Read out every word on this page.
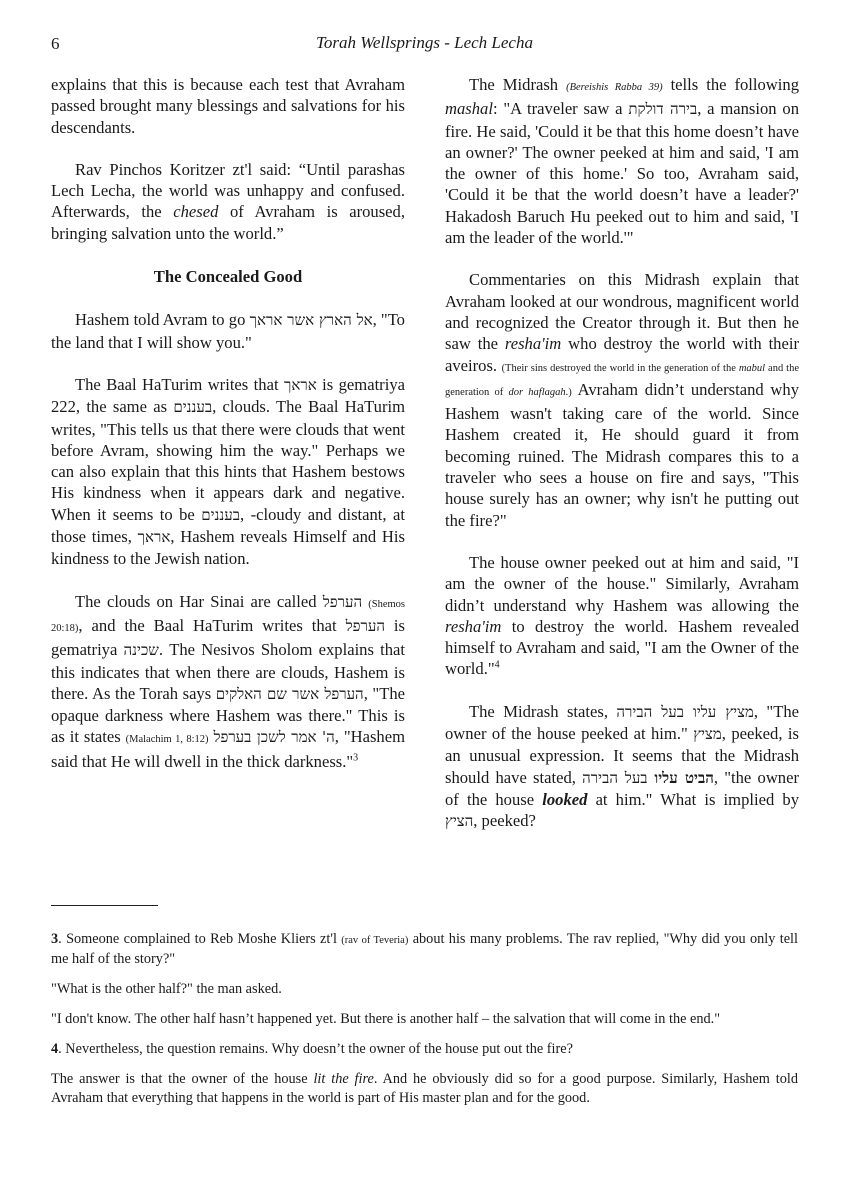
6	Torah Wellsprings - Lech Lecha

explains that this is because each test that Avraham passed brought many blessings and salvations for his descendants.

Rav Pinchos Koritzer zt'l said: “Until parashas Lech Lecha, the world was unhappy and confused. Afterwards, the chesed of Avraham is aroused, bringing salvation unto the world.”

The Concealed Good

Hashem told Avram to go אל הארץ אשר אראך, "To the land that I will show you."

The Baal HaTurim writes that אראך is gematriya 222, the same as בעננים, clouds. The Baal HaTurim writes, "This tells us that there were clouds that went before Avram, showing him the way." Perhaps we can also explain that this hints that Hashem bestows His kindness when it appears dark and negative. When it seems to be בעננים, -cloudy and distant, at those times, אראך, Hashem reveals Himself and His kindness to the Jewish nation.

The clouds on Har Sinai are called הערפל (Shemos 20:18), and the Baal HaTurim writes that הערפל is gematriya שכינה. The Nesivos Sholom explains that this indicates that when there are clouds, Hashem is there. As the Torah says הערפל אשר שם האלקים, "The opaque darkness where Hashem was there." This is as it states (Malachim 1, 8:12) ה' אמר לשכן בערפל, "Hashem said that He will dwell in the thick darkness."$^3$

The Midrash (Bereishis Rabba 39) tells the following mashal: "A traveler saw a בירה דולקת, a mansion on fire. He said, 'Could it be that this home doesn’t have an owner?' The owner peeked at him and said, 'I am the owner of this home.' So too, Avraham said, 'Could it be that the world doesn’t have a leader?' Hakadosh Baruch Hu peeked out to him and said, 'I am the leader of the world.'"

Commentaries on this Midrash explain that Avraham looked at our wondrous, magnificent world and recognized the Creator through it. But then he saw the resha'im who destroy the world with their aveiros. (Their sins destroyed the world in the generation of the mabul and the generation of dor haflagah.) Avraham didn’t understand why Hashem wasn't taking care of the world. Since Hashem created it, He should guard it from becoming ruined. The Midrash compares this to a traveler who sees a house on fire and says, "This house surely has an owner; why isn't he putting out the fire?"

The house owner peeked out at him and said, "I am the owner of the house." Similarly, Avraham didn’t understand why Hashem was allowing the resha'im to destroy the world. Hashem revealed himself to Avraham and said, "I am the Owner of the world."$^4$

The Midrash states, מציץ עליו בעל הבירה, "The owner of the house peeked at him." מציץ, peeked, is an unusual expression. It seems that the Midrash should have stated,	הביט עליו בעל הבירה	, "the owner of the house looked at him." What is implied by הציץ, peeked?

3. Someone complained to Reb Moshe Kliers zt'l (rav of Teveria) about his many problems. The rav replied, "Why did you only tell me half of the story?"

"What is the other half?" the man asked.

"I don't know. The other half hasn’t happened yet. But there is another half – the salvation that will come in the end."

4. Nevertheless, the question remains. Why doesn’t the owner of the house put out the fire?

The answer is that the owner of the house lit the fire. And he obviously did so for a good purpose. Similarly, Hashem told Avraham that everything that happens in the world is part of His master plan and for the good.
